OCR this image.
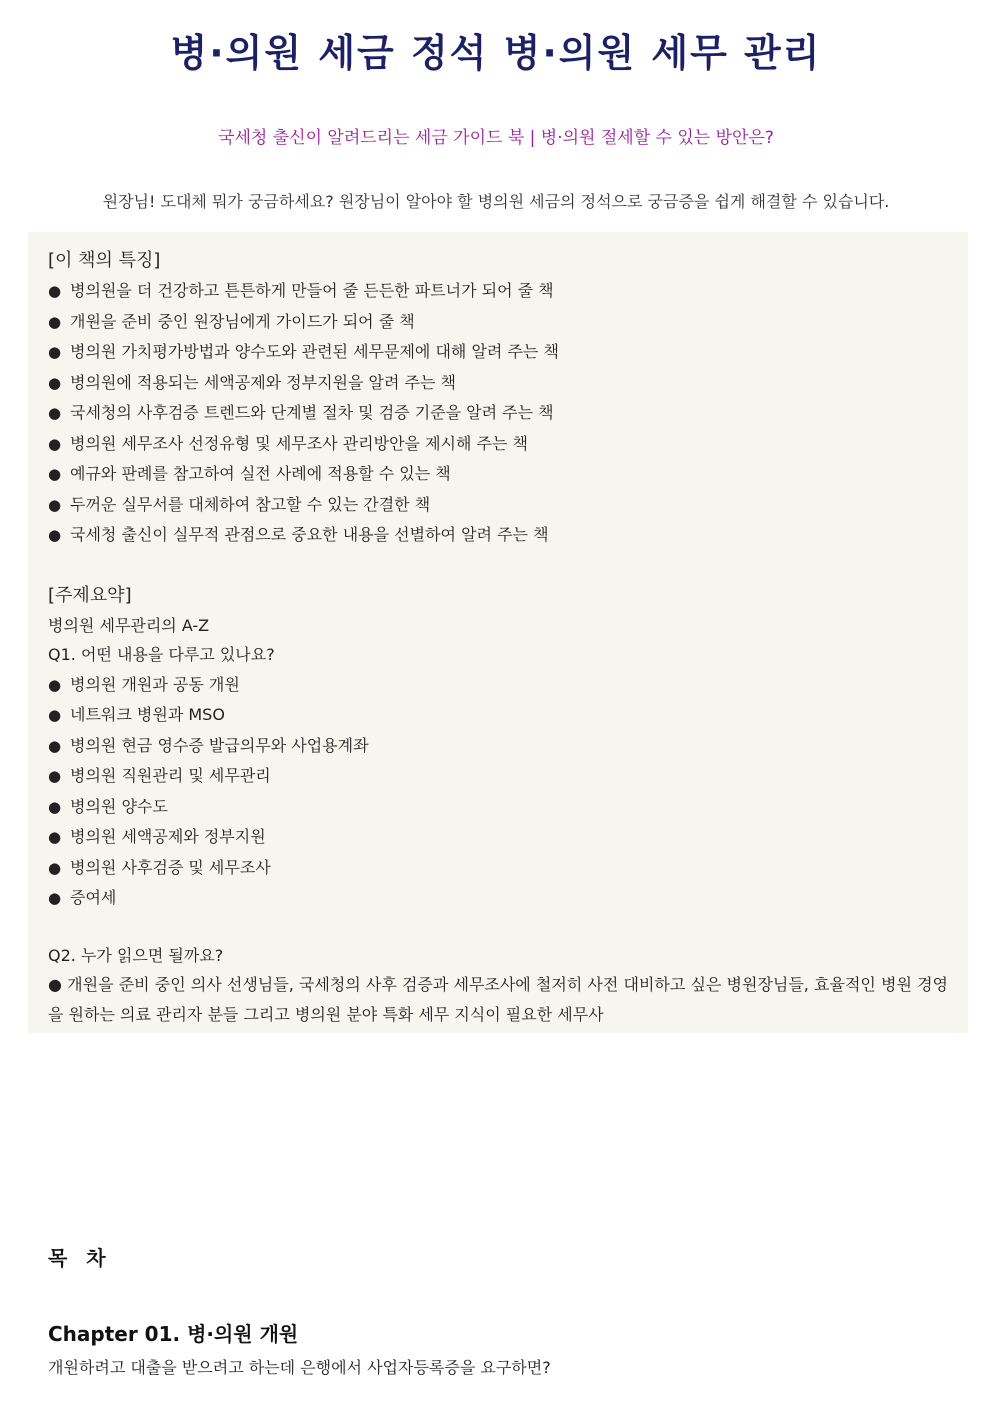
병·의원 세금 정석 병·의원 세무 관리

국세청 출신이 알려드리는 세금 가이드 북 | 병·의원 절세할 수 있는 방안은?

원장님! 도대체 뭐가 궁금하세요? 원장님이 알아야 할 병의원 세금의 정석으로 궁금증을 쉽게 해결할 수 있습니다.

[이 책의 특징]
● 병의원을 더 건강하고 튼튼하게 만들어 줄 든든한 파트너가 되어 줄 책
● 개원을 준비 중인 원장님에게 가이드가 되어 줄 책
● 병의원 가치평가방법과 양수도와 관련된 세무문제에 대해 알려 주는 책
● 병의원에 적용되는 세액공제와 정부지원을 알려 주는 책
● 국세청의 사후검증 트렌드와 단계별 절차 및 검증 기준을 알려 주는 책
● 병의원 세무조사 선정유형 및 세무조사 관리방안을 제시해 주는 책
● 예규와 판례를 참고하여 실전 사례에 적용할 수 있는 책
● 두꺼운 실무서를 대체하여 참고할 수 있는 간결한 책
● 국세청 출신이 실무적 관점으로 중요한 내용을 선별하여 알려 주는 책
[주제요약]
병의원 세무관리의 A-Z
Q1. 어떤 내용을 다루고 있나요?
● 병의원 개원과 공동 개원
● 네트워크 병원과 MSO
● 병의원 현금 영수증 발급의무와 사업용계좌
● 병의원 직원관리 및 세무관리
● 병의원 양수도
● 병의원 세액공제와 정부지원
● 병의원 사후검증 및 세무조사
● 증여세
Q2. 누가 읽으면 될까요?
● 개원을 준비 중인 의사 선생님들, 국세청의 사후 검증과 세무조사에 철저히 사전 대비하고 싶은 병원장님들, 효율적인 병원 경영을 원하는 의료 관리자 분들 그리고 병의원 분야 특화 세무 지식이 필요한 세무사
목 차
Chapter 01. 병·의원 개원

개원하려고 대출을 받으려고 하는데 은행에서 사업자등록증을 요구하면?
